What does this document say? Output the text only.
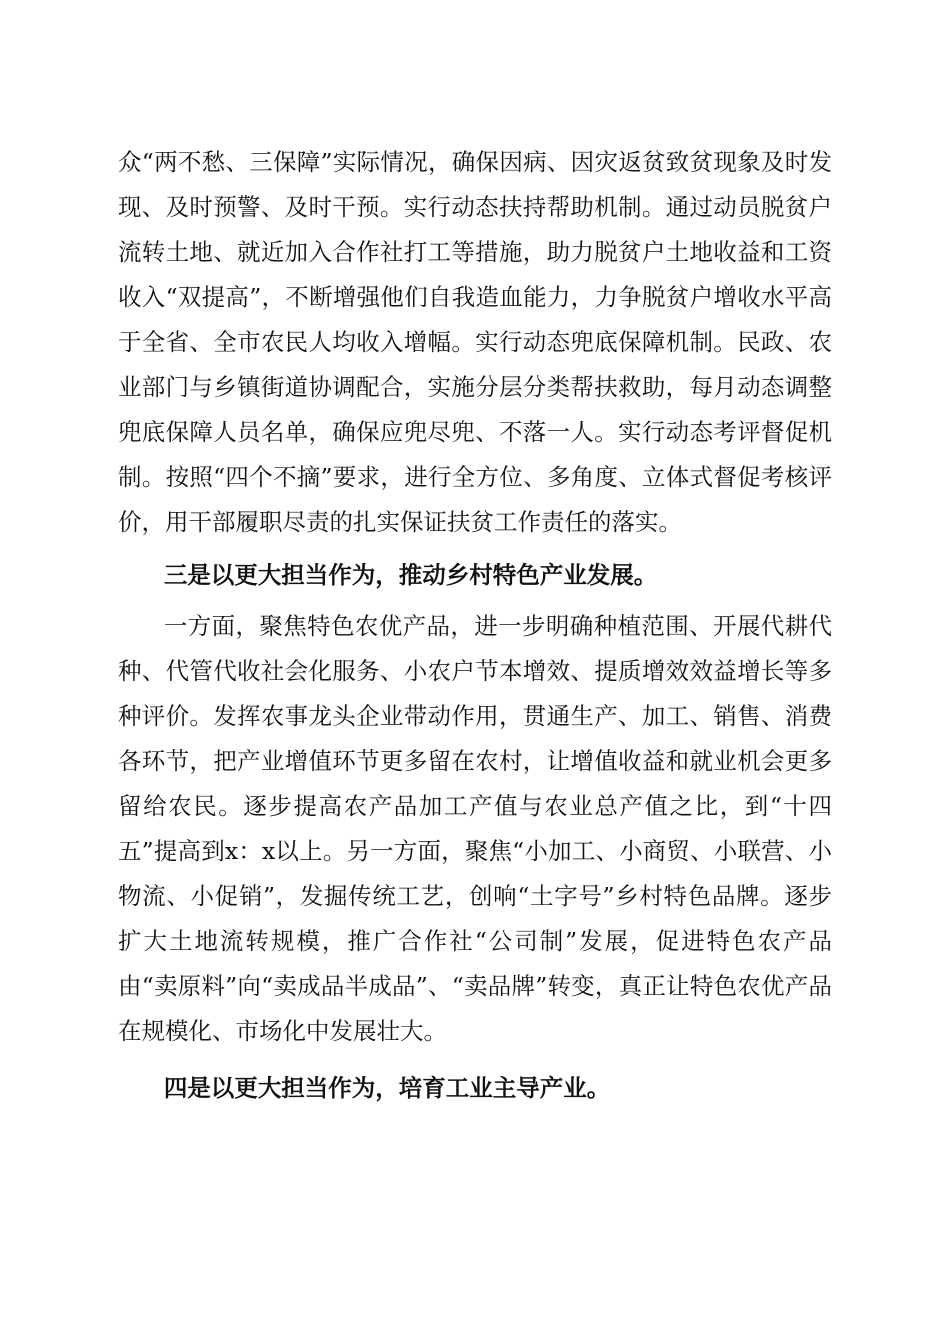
众“两不愁、三保障”实际情况，确保因病、因灾返贫致贫现象及时发现、及时预警、及时干预。实行动态扶持帮助机制。通过动员脱贫户流转土地、就近加入合作社打工等措施，助力脱贫户土地收益和工资收入“双提高”，不断增强他们自我造血能力，力争脱贫户增收水平高于全省、全市农民人均收入增幅。实行动态兜底保障机制。民政、农业部门与乡镇街道协调配合，实施分层分类帮扶救助，每月动态调整兜底保障人员名单，确保应兜尽兜、不落一人。实行动态考评督促机制。按照“四个不摘”要求，进行全方位、多角度、立体式督促考核评价，用干部履职尽责的扎实保证扶贫工作责任的落实。

三是以更大担当作为，推动乡村特色产业发展。

一方面，聚焦特色农优产品，进一步明确种植范围、开展代耕代种、代管代收社会化服务、小农户节本增效、提质增效效益增长等多种评价。发挥农事龙头企业带动作用，贯通生产、加工、销售、消费各环节，把产业增值环节更多留在农村，让增值收益和就业机会更多留给农民。逐步提高农产品加工产值与农业总产值之比，到“十四五”提高到x：x以上。另一方面，聚焦“小加工、小商贸、小联营、小物流、小促销”，发掘传统工艺，创响“土字号”乡村特色品牌。逐步扩大土地流转规模，推广合作社“公司制”发展，促进特色农产品由“卖原料”向“卖成品半成品”、“卖品牌”转变，真正让特色农优产品在规模化、市场化中发展壮大。

四是以更大担当作为，培育工业主导产业。
